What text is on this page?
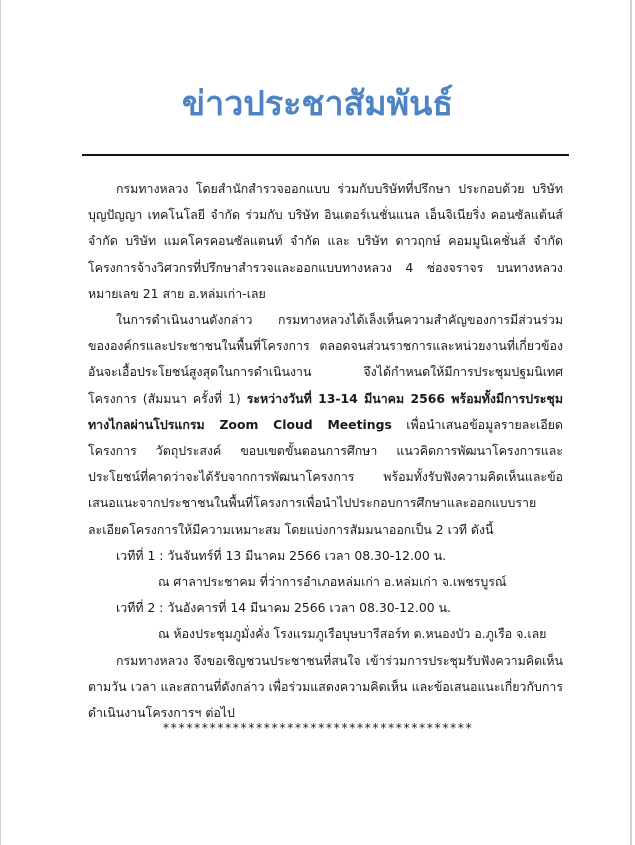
ข่าวประชาสัมพันธ์

กรมทางหลวง โดยสำนักสำรวจออกแบบ ร่วมกับบริษัทที่ปรึกษา ประกอบด้วย บริษัท บุญปัญญา เทคโนโลยี จำกัด ร่วมกับ บริษัท อินเตอร์เนชั่นแนล เอ็นจิเนียริ่ง คอนซัลแต้นส์ จำกัด บริษัท แมคโครคอนซัลแตนท์ จำกัด และ บริษัท ดาวฤกษ์ คอมมูนิเคชั่นส์ จำกัด โครงการจ้างวิศวกรที่ปรึกษาสำรวจและออกแบบทางหลวง 4 ช่องจราจร บนทางหลวงหมายเลข 21 สาย อ.หล่มเก่า-เลย

ในการดำเนินงานดังกล่าว กรมทางหลวงได้เล็งเห็นความสำคัญของการมีส่วนร่วมขององค์กรและประชาชนในพื้นที่โครงการ ตลอดจนส่วนราชการและหน่วยงานที่เกี่ยวข้องอันจะเอื้อประโยชน์สูงสุดในการดำเนินงาน จึงได้กำหนดให้มีการประชุมปฐมนิเทศโครงการ (สัมมนา ครั้งที่ 1) ระหว่างวันที่ 13-14 มีนาคม 2566 พร้อมทั้งมีการประชุมทางไกลผ่านโปรแกรม Zoom Cloud Meetings เพื่อนำเสนอข้อมูลรายละเอียดโครงการ วัตถุประสงค์ ขอบเขตขั้นตอนการศึกษา แนวคิดการพัฒนาโครงการและประโยชน์ที่คาดว่าจะได้รับจากการพัฒนาโครงการ พร้อมทั้งรับฟังความคิดเห็นและข้อเสนอแนะจากประชาชนในพื้นที่โครงการเพื่อนำไปประกอบการศึกษาและออกแบบรายละเอียดโครงการให้มีความเหมาะสม โดยแบ่งการสัมมนาออกเป็น 2 เวที ดังนี้

เวทีที่ 1 : วันจันทร์ที่ 13 มีนาคม 2566 เวลา 08.30-12.00 น.

ณ ศาลาประชาคม ที่ว่าการอำเภอหล่มเก่า อ.หล่มเก่า จ.เพชรบูรณ์

เวทีที่ 2 : วันอังคารที่ 14 มีนาคม 2566 เวลา 08.30-12.00 น.

ณ ห้องประชุมภูมั่งคั่ง โรงแรมภูเรือบุษบารีสอร์ท ต.หนองบัว อ.ภูเรือ จ.เลย

กรมทางหลวง จึงขอเชิญชวนประชาชนที่สนใจ เข้าร่วมการประชุมรับฟังความคิดเห็น ตามวัน เวลา และสถานที่ดังกล่าว เพื่อร่วมแสดงความคิดเห็น และข้อเสนอแนะเกี่ยวกับการดำเนินงานโครงการฯ ต่อไป

****************************************
